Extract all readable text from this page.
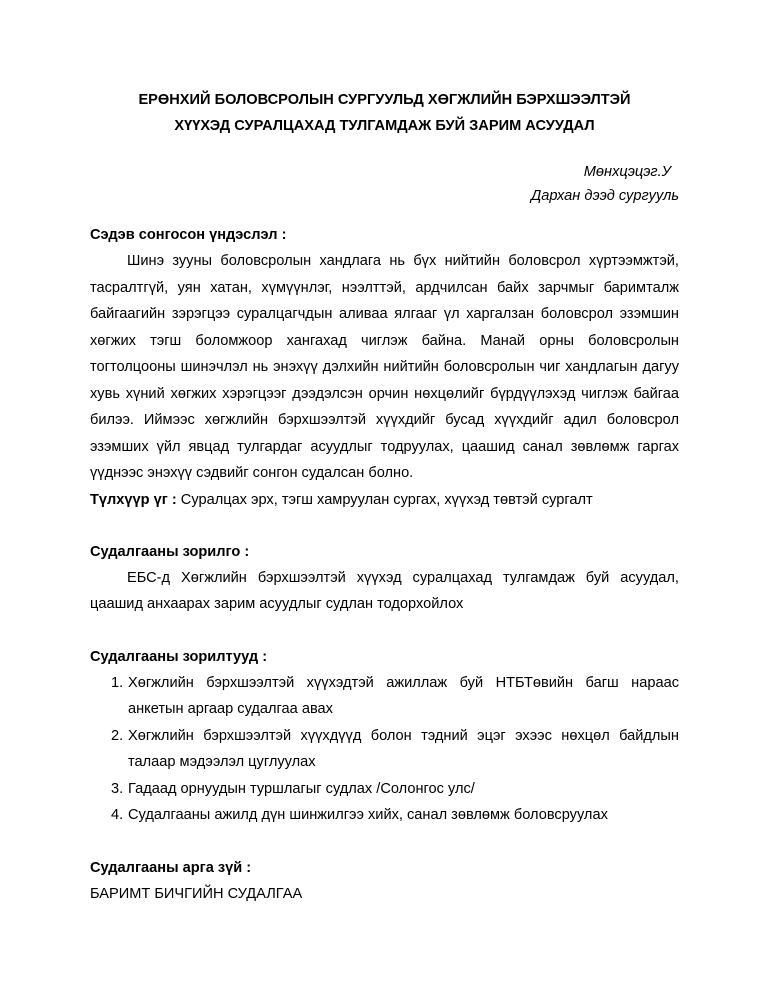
ЕРӨНХИЙ БОЛОВСРОЛЫН СУРГУУЛЬД ХӨГЖЛИЙН БЭРХШЭЭЛТЭЙ
ХҮҮХЭД СУРАЛЦАХАД ТУЛГАМДАЖ БУЙ ЗАРИМ АСУУДАЛ
Мөнхцэцэг.У
Дархан дээд сургууль
Сэдэв сонгосон үндэслэл :

Шинэ зууны боловсролын хандлага нь бүх нийтийн боловсрол хүртээмжтэй, тасралтгүй, уян хатан, хүмүүнлэг, нээлттэй, ардчилсан байх зарчмыг баримталж байгаагийн зэрэгцээ суралцагчдын аливаа ялгааг үл харгалзан боловсрол эзэмшин хөгжих тэгш боломжоор хангахад чиглэж байна. Манай орны боловсролын тогтолцооны шинэчлэл нь энэхүү дэлхийн нийтийн боловсролын чиг хандлагын дагуу хувь хүний хөгжих хэрэгцээг дээдэлсэн орчин нөхцөлийг бүрдүүлэхэд чиглэж байгаа билээ. Иймээс хөгжлийн бэрхшээлтэй хүүхдийг бусад хүүхдийг адил боловсрол эзэмших үйл явцад тулгардаг асуудлыг тодруулах, цаашид санал зөвлөмж гаргах үүднээс энэхүү сэдвийг сонгон судалсан болно.

Түлхүүр үг : Суралцах эрх, тэгш хамруулан сургах, хүүхэд төвтэй сургалт
Судалгааны зорилго :

ЕБС-д Хөгжлийн бэрхшээлтэй хүүхэд суралцахад тулгамдаж буй асуудал, цаашид анхаарах зарим асуудлыг судлан тодорхойлох

Судалгааны зорилтууд :
1. Хөгжлийн бэрхшээлтэй хүүхэдтэй ажиллаж буй НТБТөвийн багш нараас анкетын аргаар судалгаа авах
2. Хөгжлийн бэрхшээлтэй хүүхдүүд болон тэдний эцэг эхээс нөхцөл байдлын талаар мэдээлэл цуглуулах
3. Гадаад орнуудын туршлагыг судлах /Солонгос улс/
4. Судалгааны ажилд дүн шинжилгээ хийх, санал зөвлөмж боловсруулах
Судалгааны арга зүй :
БАРИМТ БИЧГИЙН СУДАЛГАА
